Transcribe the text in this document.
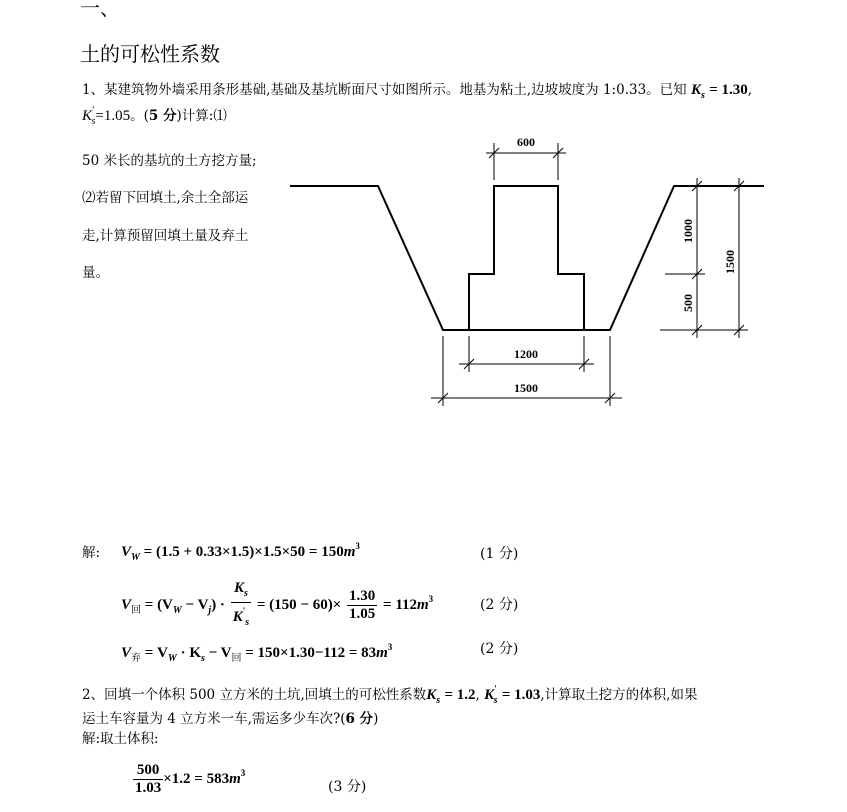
一、
土的可松性系数
1、某建筑物外墙采用条形基础,基础及基坑断面尺寸如图所示。地基为粘土,边坡坡度为 1:0.33。已知 $K_s = 1.30$,
$K'_s=1.05$。(5 分)计算:⑴
50 米长的基坑的土方挖方量;
⑵若留下回填土,余土全部运
走,计算预留回填土量及弃土
量。
600
1200
1500
1000
500
1500
解: $V_W = (1.5 + 0.33\times 1.5)\times 1.5\times 50 = 150m^3$	(1 分)
$V_回 = (V_W - V_j) \cdot \frac{K_s}{K'_s} = (150 - 60)\times \frac{1.30}{1.05} = 112m^3$	(2 分)
$V_弃 = V_W \cdot K_s - V_回 = 150\times 1.30-112 = 83m^3$	(2 分)
2、回填一个体积 500 立方米的土坑,回填土的可松性系数$K_s = 1.2$, $K'_s = 1.03$,计算取土挖方的体积,如果
运土车容量为 4 立方米一车,需运多少车次?(6 分)
解:取土体积:
$\frac{500}{1.03} \times 1.2 = 583m^3$
(3 分)
